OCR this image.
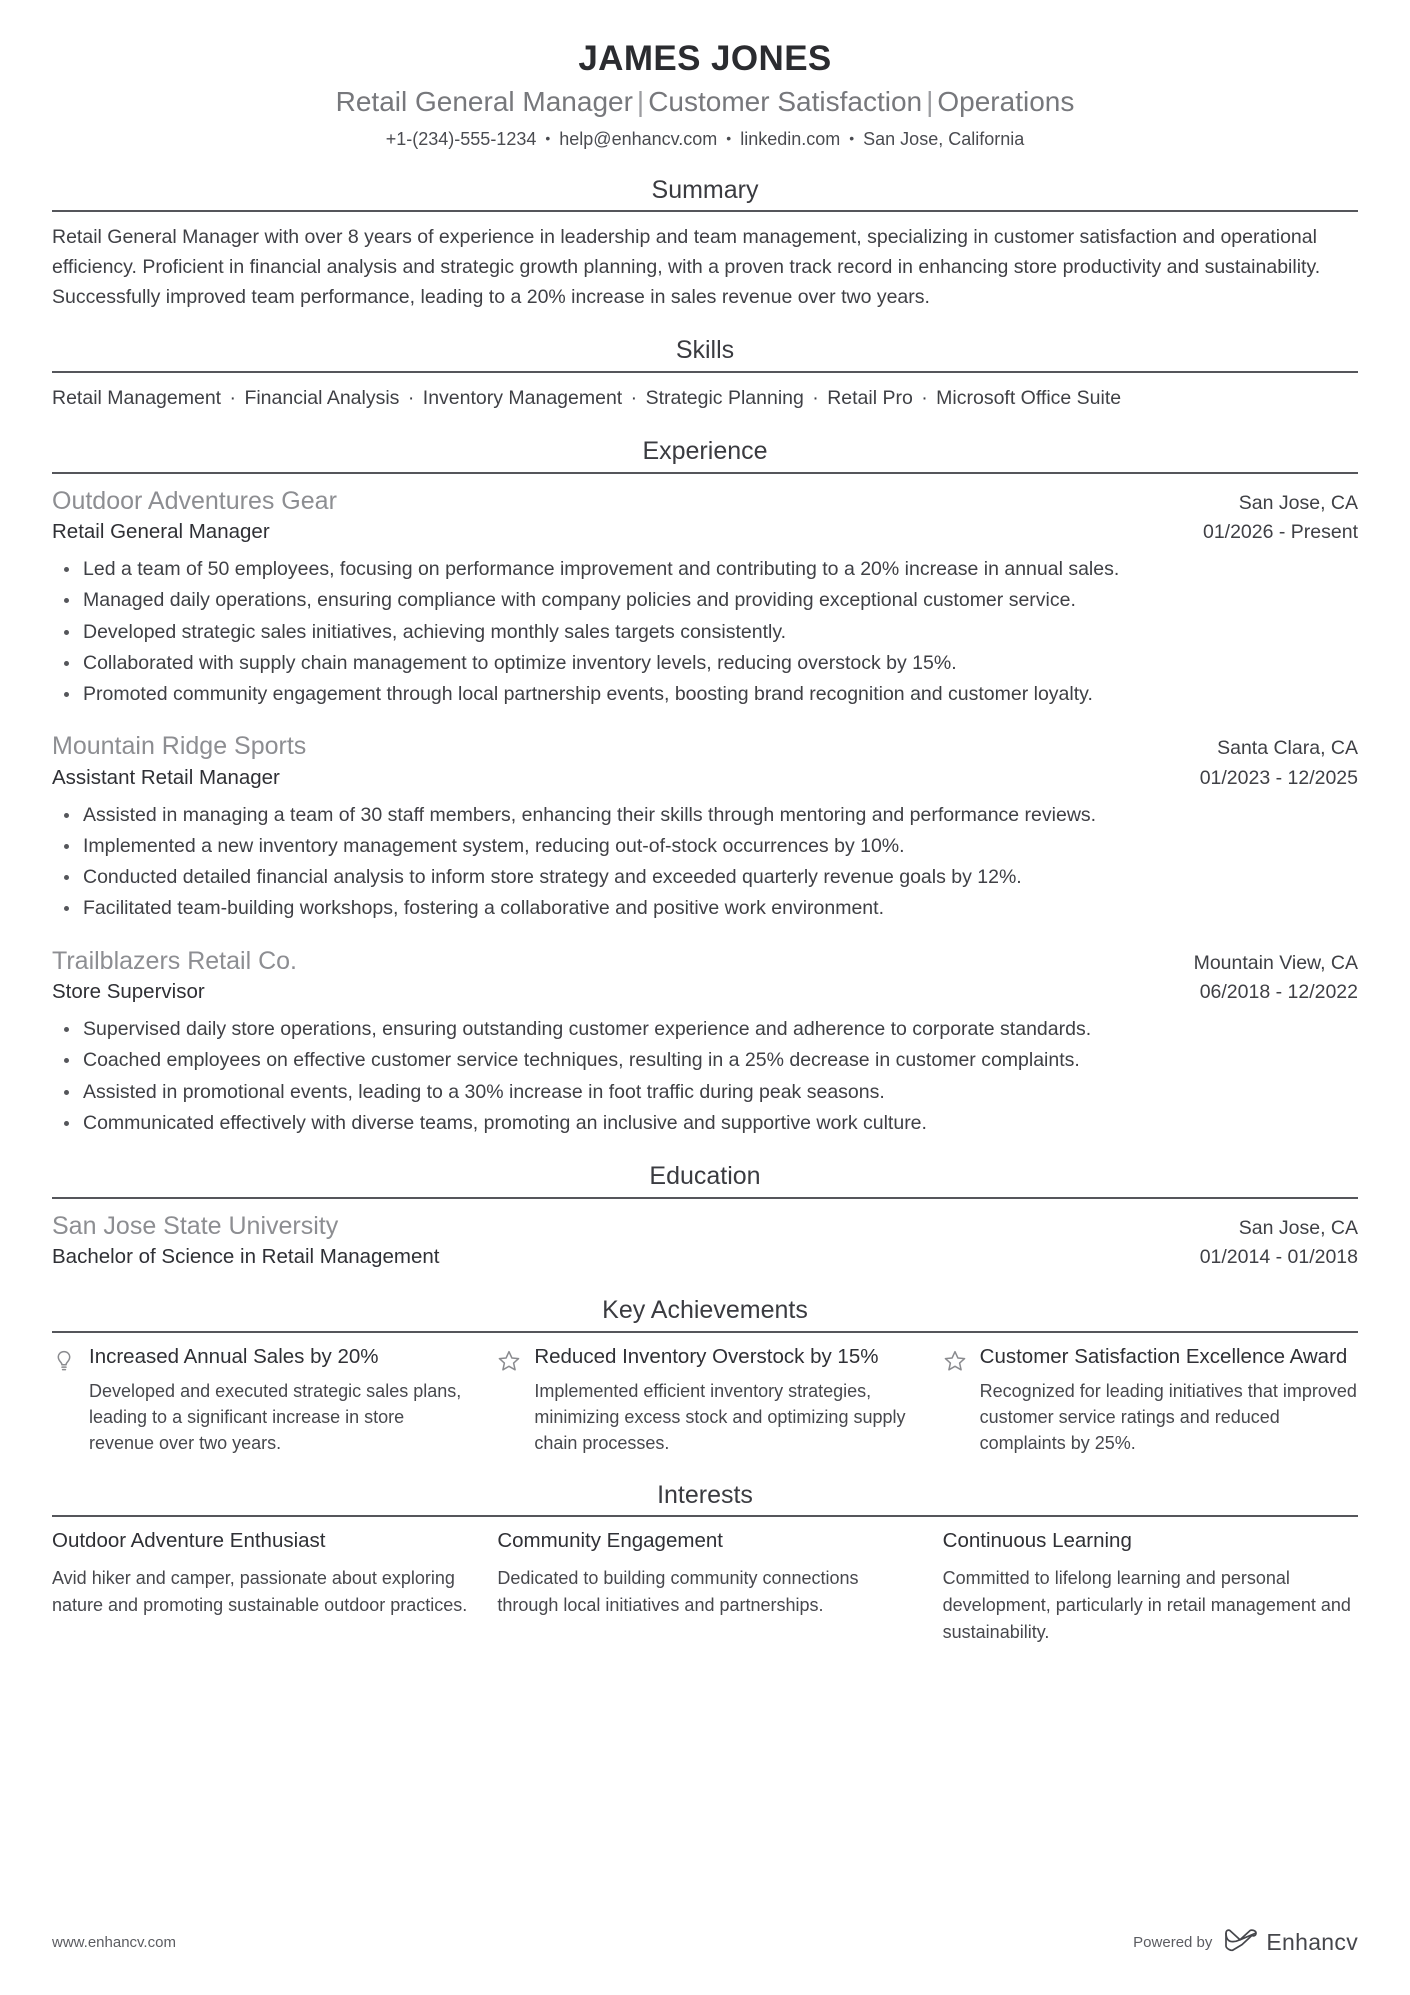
JAMES JONES
Retail General Manager | Customer Satisfaction | Operations
+1-(234)-555-1234 • help@enhancv.com • linkedin.com • San Jose, California
Summary

Retail General Manager with over 8 years of experience in leadership and team management, specializing in customer satisfaction and operational efficiency. Proficient in financial analysis and strategic growth planning, with a proven track record in enhancing store productivity and sustainability. Successfully improved team performance, leading to a 20% increase in sales revenue over two years.

Skills
Retail Management · Financial Analysis · Inventory Management · Strategic Planning · Retail Pro · Microsoft Office Suite
Experience
Outdoor Adventures Gear	San Jose, CA
Retail General Manager	01/2026 - Present
Led a team of 50 employees, focusing on performance improvement and contributing to a 20% increase in annual sales.
Managed daily operations, ensuring compliance with company policies and providing exceptional customer service.
Developed strategic sales initiatives, achieving monthly sales targets consistently.
Collaborated with supply chain management to optimize inventory levels, reducing overstock by 15%.
Promoted community engagement through local partnership events, boosting brand recognition and customer loyalty.
Mountain Ridge Sports	Santa Clara, CA
Assistant Retail Manager	01/2023 - 12/2025
Assisted in managing a team of 30 staff members, enhancing their skills through mentoring and performance reviews.
Implemented a new inventory management system, reducing out-of-stock occurrences by 10%.
Conducted detailed financial analysis to inform store strategy and exceeded quarterly revenue goals by 12%.
Facilitated team-building workshops, fostering a collaborative and positive work environment.
Trailblazers Retail Co.	Mountain View, CA
Store Supervisor	06/2018 - 12/2022
Supervised daily store operations, ensuring outstanding customer experience and adherence to corporate standards.
Coached employees on effective customer service techniques, resulting in a 25% decrease in customer complaints.
Assisted in promotional events, leading to a 30% increase in foot traffic during peak seasons.
Communicated effectively with diverse teams, promoting an inclusive and supportive work culture.
Education
San Jose State University	San Jose, CA
Bachelor of Science in Retail Management	01/2014 - 01/2018
Key Achievements
Increased Annual Sales by 20%
Developed and executed strategic sales plans, leading to a significant increase in store revenue over two years.
Reduced Inventory Overstock by 15%
Implemented efficient inventory strategies, minimizing excess stock and optimizing supply chain processes.
Customer Satisfaction Excellence Award
Recognized for leading initiatives that improved customer service ratings and reduced complaints by 25%.
Interests
Outdoor Adventure Enthusiast
Avid hiker and camper, passionate about exploring nature and promoting sustainable outdoor practices.
Community Engagement
Dedicated to building community connections through local initiatives and partnerships.
Continuous Learning
Committed to lifelong learning and personal development, particularly in retail management and sustainability.
www.enhancv.com	Powered by Enhancv
